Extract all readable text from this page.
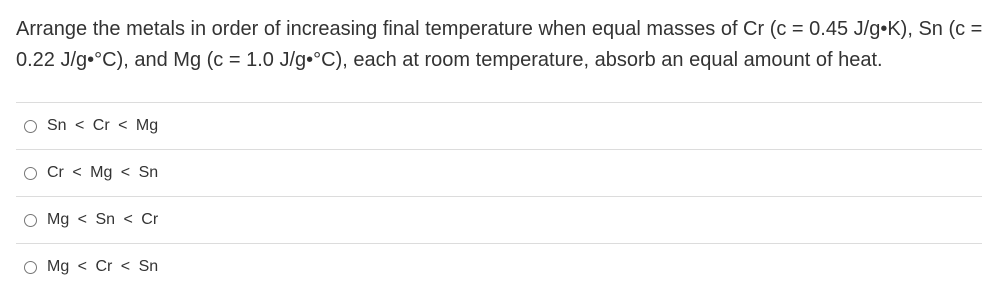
Arrange the metals in order of increasing final temperature when equal masses of Cr (c = 0.45 J/g•K), Sn (c = 0.22 J/g•°C), and Mg (c = 1.0 J/g•°C), each at room temperature, absorb an equal amount of heat.
Sn < Cr < Mg
Cr < Mg < Sn
Mg < Sn < Cr
Mg < Cr < Sn
